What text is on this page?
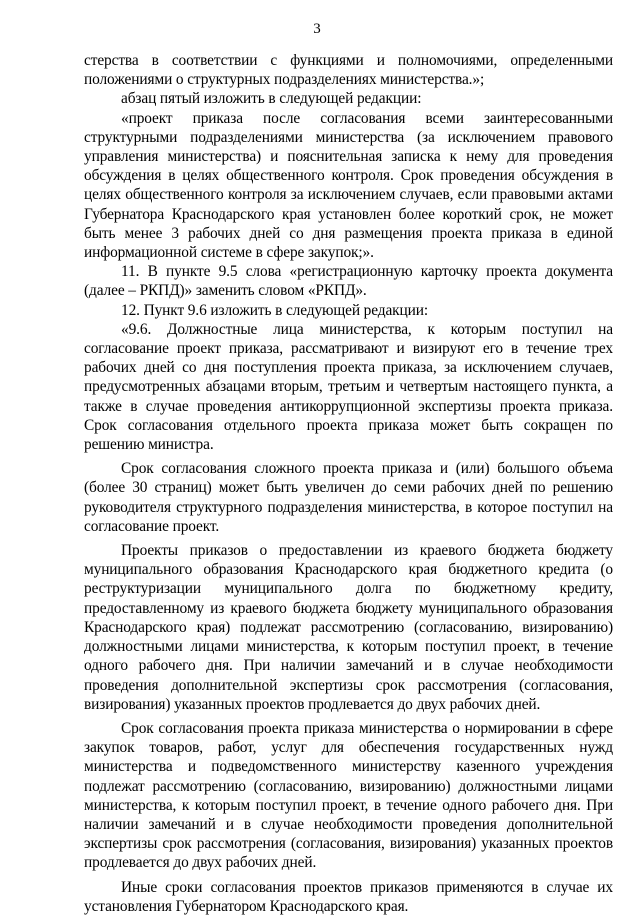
3

стерства в соответствии с функциями и полномочиями, определенными положениями о структурных подразделениях министерства.»;

абзац пятый изложить в следующей редакции:

«проект приказа после согласования всеми заинтересованными структурными подразделениями министерства (за исключением правового управления министерства) и пояснительная записка к нему для проведения обсуждения в целях общественного контроля. Срок проведения обсуждения в целях общественного контроля за исключением случаев, если правовыми актами Губернатора Краснодарского края установлен более короткий срок, не может быть менее 3 рабочих дней со дня размещения проекта приказа в единой информационной системе в сфере закупок;».

11. В пункте 9.5 слова «регистрационную карточку проекта документа (далее – РКПД)» заменить словом «РКПД».

12. Пункт 9.6 изложить в следующей редакции:

«9.6. Должностные лица министерства, к которым поступил на согласование проект приказа, рассматривают и визируют его в течение трех рабочих дней со дня поступления проекта приказа, за исключением случаев, предусмотренных абзацами вторым, третьим и четвертым настоящего пункта, а также в случае проведения антикоррупционной экспертизы проекта приказа. Срок согласования отдельного проекта приказа может быть сокращен по решению министра.

Срок согласования сложного проекта приказа и (или) большого объема (более 30 страниц) может быть увеличен до семи рабочих дней по решению руководителя структурного подразделения министерства, в которое поступил на согласование проект.

Проекты приказов о предоставлении из краевого бюджета бюджету муниципального образования Краснодарского края бюджетного кредита (о реструктуризации муниципального долга по бюджетному кредиту, предоставленному из краевого бюджета бюджету муниципального образования Краснодарского края) подлежат рассмотрению (согласованию, визированию) должностными лицами министерства, к которым поступил проект, в течение одного рабочего дня. При наличии замечаний и в случае необходимости проведения дополнительной экспертизы срок рассмотрения (согласования, визирования) указанных проектов продлевается до двух рабочих дней.

Срок согласования проекта приказа министерства о нормировании в сфере закупок товаров, работ, услуг для обеспечения государственных нужд министерства и подведомственного министерству казенного учреждения подлежат рассмотрению (согласованию, визированию) должностными лицами министерства, к которым поступил проект, в течение одного рабочего дня. При наличии замечаний и в случае необходимости проведения дополнительной экспертизы срок рассмотрения (согласования, визирования) указанных проектов продлевается до двух рабочих дней.

Иные сроки согласования проектов приказов применяются в случае их установления Губернатором Краснодарского края.
